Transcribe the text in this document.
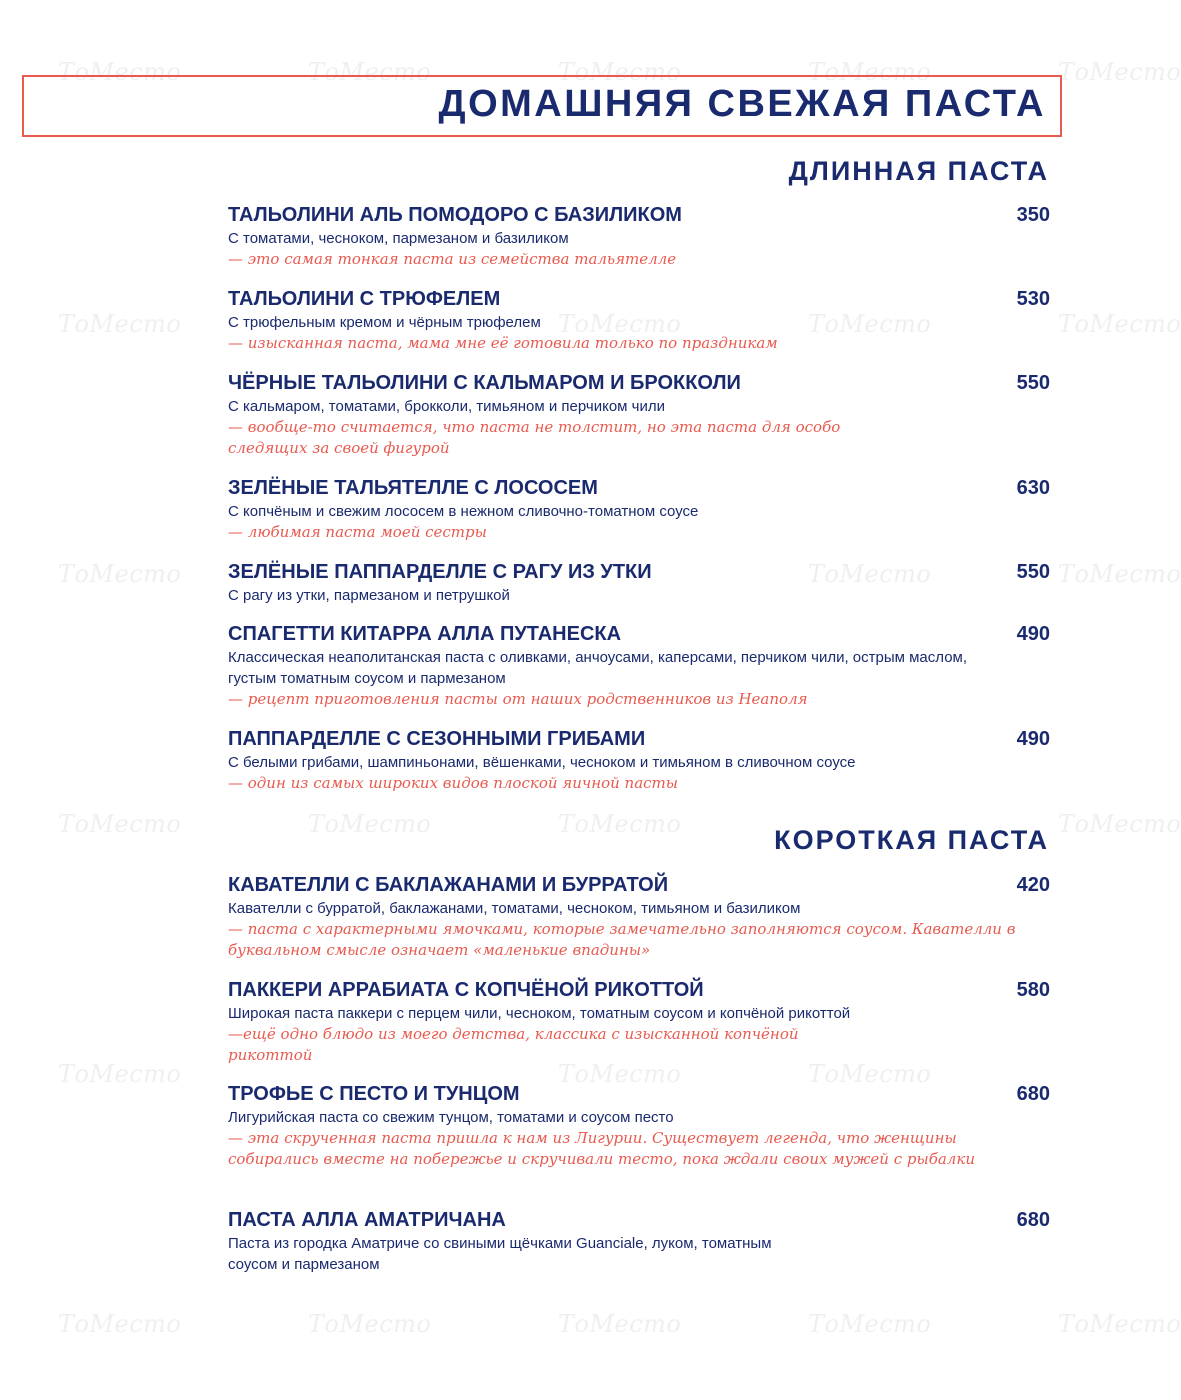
ТоМесто	ТоМесто	ТоМесто	ТоМесто	ТоМесто
ТоМесто	ТоМесто	ТоМесто	ТоМесто
ТоМесто	ТоМесто	ТоМесто
ТоМесто	ТоМесто	ТоМесто	ТоМесто
ТоМесто	ТоМесто	ТоМесто
ТоМесто	ТоМесто	ТоМесто	ТоМесто	ТоМесто
ДОМАШНЯЯ СВЕЖАЯ ПАСТА
ДЛИННАЯ ПАСТА
ТАЛЬОЛИНИ АЛЬ ПОМОДОРО С БАЗИЛИКОМ	350
С томатами, чесноком, пармезаном и базиликом
— это самая тонкая паста из семейства тальятелле
ТАЛЬОЛИНИ С ТРЮФЕЛЕМ	530
С трюфельным кремом и чёрным трюфелем
— изысканная паста, мама мне её готовила только по праздникам
ЧЁРНЫЕ ТАЛЬОЛИНИ С КАЛЬМАРОМ И БРОККОЛИ	550
С кальмаром, томатами, брокколи, тимьяном и перчиком чили
— вообще-то считается, что паста не толстит, но эта паста для особо следящих за своей фигурой
ЗЕЛЁНЫЕ ТАЛЬЯТЕЛЛЕ С ЛОСОСЕМ	630
С копчёным и свежим лососем в нежном сливочно-томатном соусе
— любимая паста моей сестры
ЗЕЛЁНЫЕ ПАППАРДЕЛЛЕ С РАГУ ИЗ УТКИ	550
С рагу из утки, пармезаном и петрушкой
СПАГЕТТИ КИТАРРА АЛЛА ПУТАНЕСКА	490
Классическая неаполитанская паста с оливками, анчоусами, каперсами, перчиком чили, острым маслом, густым томатным соусом и пармезаном
— рецепт приготовления пасты от наших родственников из Неаполя
ПАППАРДЕЛЛЕ С СЕЗОННЫМИ ГРИБАМИ	490
С белыми грибами, шампиньонами, вёшенками, чесноком и тимьяном в сливочном соусе
— один из самых широких видов плоской яичной пасты
КОРОТКАЯ ПАСТА
КАВАТЕЛЛИ С БАКЛАЖАНАМИ И БУРРАТОЙ	420
Кавателли с бурратой, баклажанами, томатами, чесноком, тимьяном и базиликом
— паста с характерными ямочками, которые замечательно заполняются соусом. Кавателли в буквальном смысле означает «маленькие впадины»
ПАККЕРИ АРРАБИАТА С КОПЧЁНОЙ РИКОТТОЙ	580
Широкая паста паккери с перцем чили, чесноком, томатным соусом и копчёной рикоттой
—ещё одно блюдо из моего детства, классика с изысканной копчёной рикоттой
ТРОФЬЕ С ПЕСТО И ТУНЦОМ	680
Лигурийская паста со свежим тунцом, томатами и соусом песто
— эта скрученная паста пришла к нам из Лигурии. Существует легенда, что женщины собирались вместе на побережье и скручивали тесто, пока ждали своих мужей с рыбалки
ПАСТА АЛЛА АМАТРИЧАНА	680
Паста из городка Аматриче со свиными щёчками Guanciale, луком, томатным соусом и пармезаном
